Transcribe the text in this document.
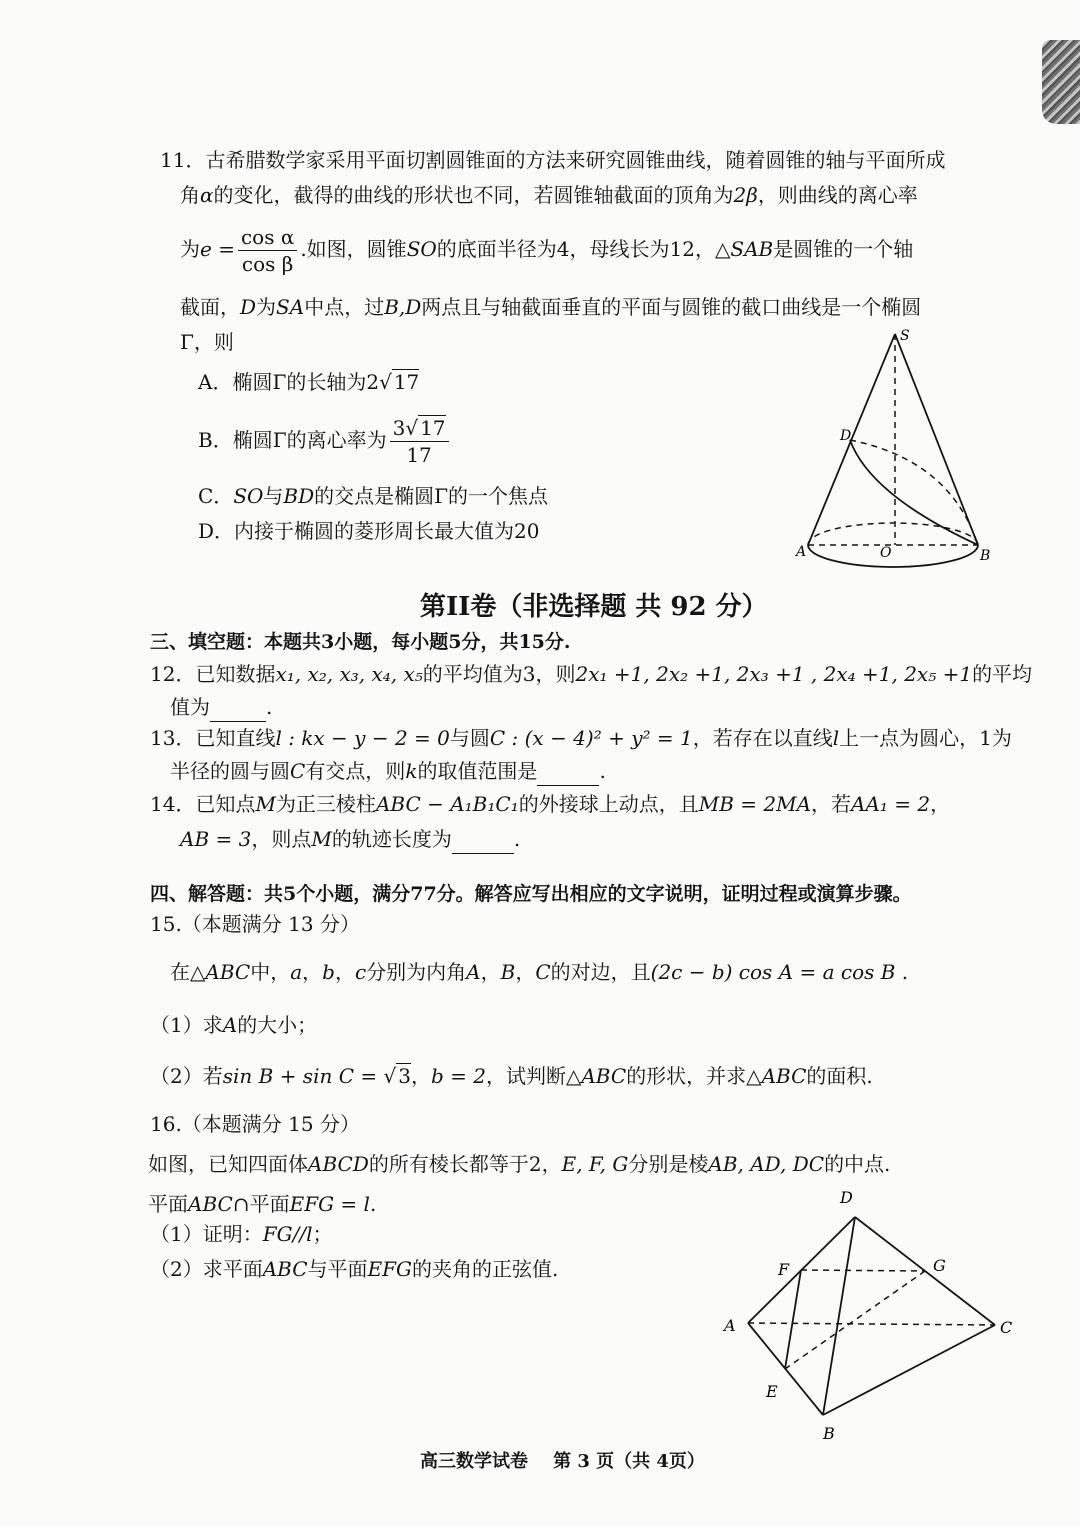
11．古希腊数学家采用平面切割圆锥面的方法来研究圆锥曲线，随着圆锥的轴与平面所成
角α的变化，截得的曲线的形状也不同，若圆锥轴截面的顶角为2β，则曲线的离心率
为$e = \frac{\text{cos α}}{\text{cos β}}$ .如图，圆锥SO的底面半径为4，母线长为12，△SAB是圆锥的一个轴
截面，D为SA中点，过B,D两点且与轴截面垂直的平面与圆锥的截口曲线是一个椭圆
Γ，则
A．椭圆Γ的长轴为2√ 17
B．椭圆Γ的离心率为 $\frac{3√ 17}{17}$
C．SO与BD的交点是椭圆Γ的一个焦点
D．内接于椭圆的菱形周长最大值为20
S
D
O
A	B
第II卷（非选择题 共 92 分）
三、填空题：本题共3小题，每小题5分，共15分.
12．已知数据x₁, x₂, x₃, x₄, x₅的平均值为3，则2x₁ +1, 2x₂ +1, 2x₃ +1 , 2x₄ +1, 2x₅ +1的平均
值为	.
13．已知直线l : kx − y − 2 = 0与圆C : (x − 4)² + y² = 1，若存在以直线l上一点为圆心，1为
半径的圆与圆C有交点，则k的取值范围是	.
14．已知点M为正三棱柱ABC − A₁B₁C₁的外接球上动点，且MB = 2MA，若AA₁ = 2，
AB = 3，则点M的轨迹长度为	.
四、解答题：共5个小题，满分77分。解答应写出相应的文字说明，证明过程或演算步骤。
15.（本题满分 13 分）
在△ABC中，a，b，c分别为内角A，B，C的对边，且(2c − b) cos A = a cos B .
（1）求A的大小；
（2）若sin B + sin C = √ 3，b = 2，试判断△ABC的形状，并求△ABC的面积.
16.（本题满分 15 分）
如图，已知四面体ABCD的所有棱长都等于2，E, F, G分别是棱AB, AD, DC的中点.
平面ABC∩平面EFG = l.
（1）证明：FG//l；
（2）求平面ABC与平面EFG的夹角的正弦值.
D
F	G
A	C
E
B
高三数学试卷    第 3 页（共 4页）
